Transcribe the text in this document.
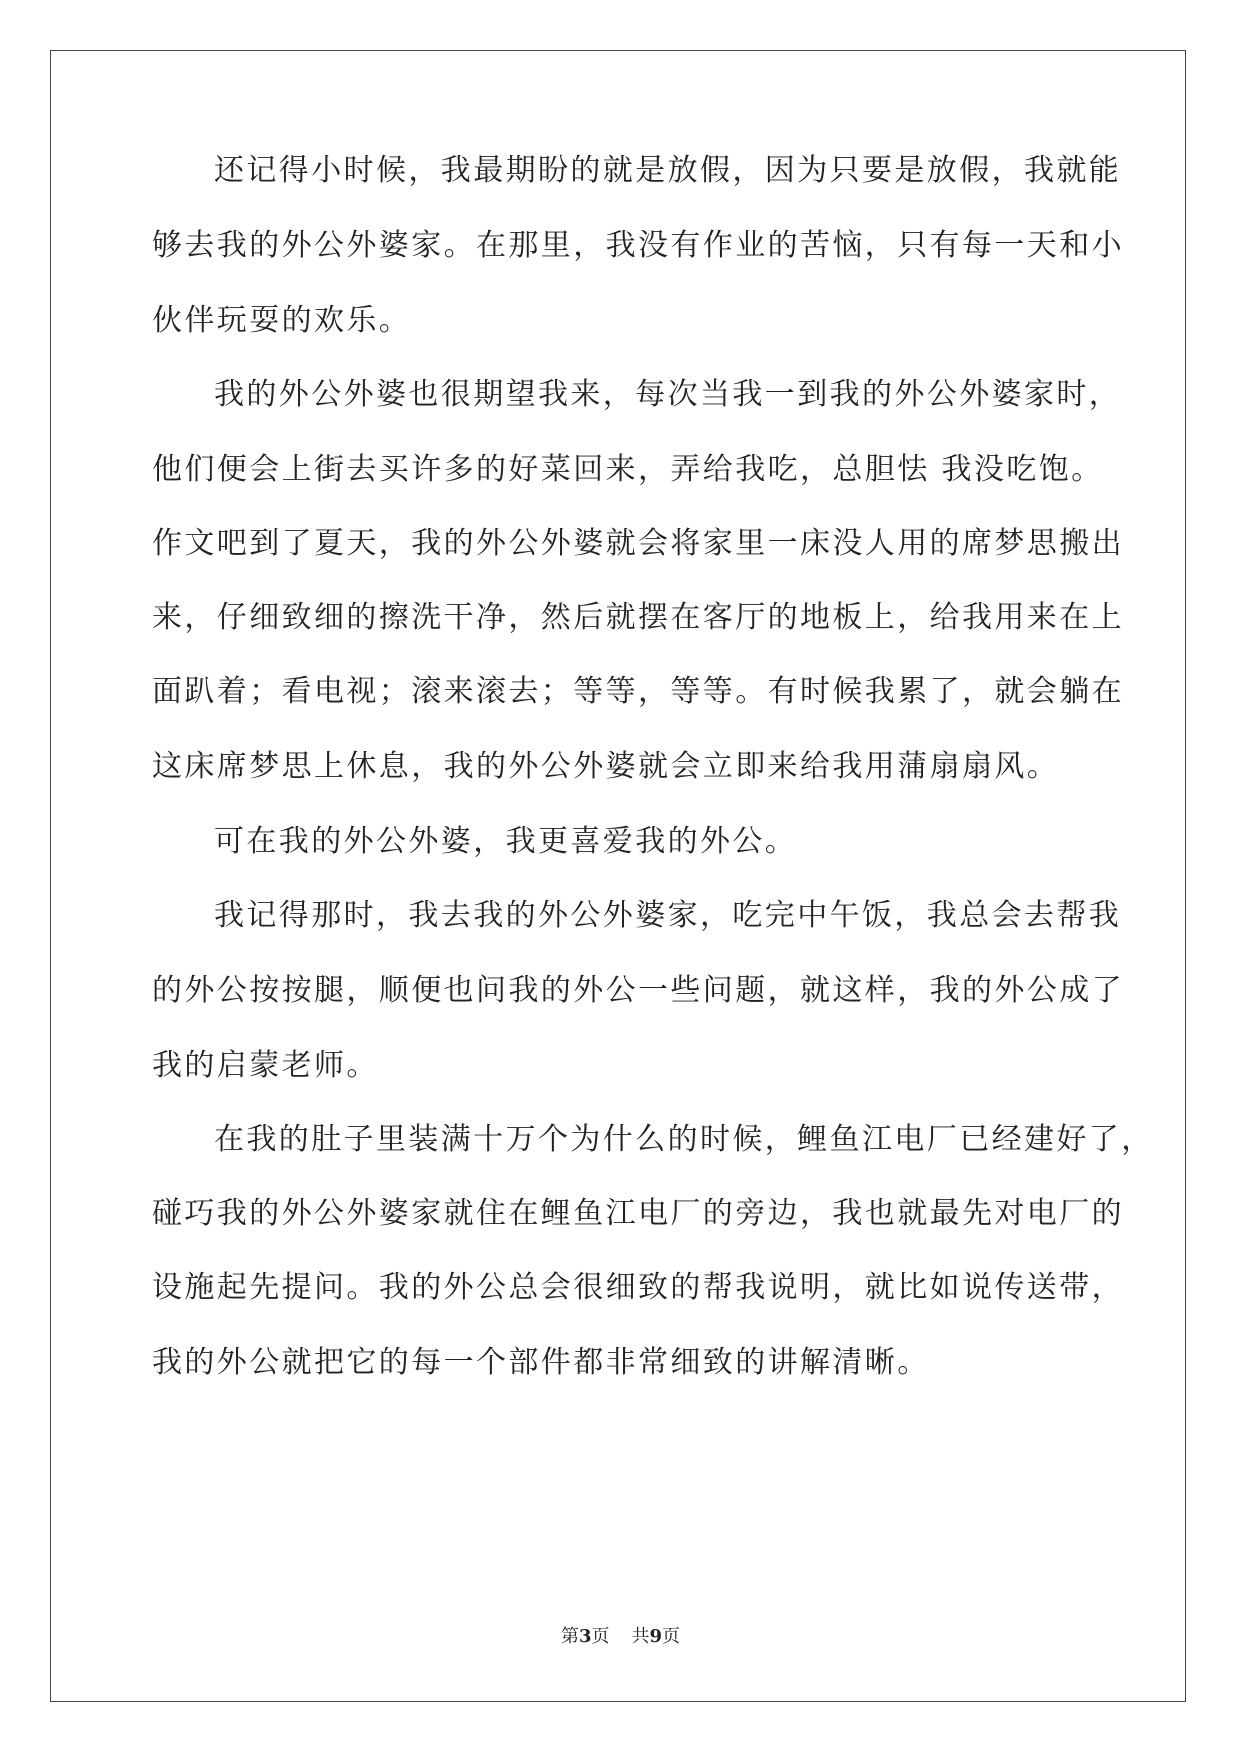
还记得小时候，我最期盼的就是放假，因为只要是放假，我就能
够去我的外公外婆家。在那里，我没有作业的苦恼，只有每一天和小
伙伴玩耍的欢乐。
我的外公外婆也很期望我来，每次当我一到我的外公外婆家时，
他们便会上街去买许多的好菜回来，弄给我吃，总胆怯 我没吃饱。
作文吧到了夏天，我的外公外婆就会将家里一床没人用的席梦思搬出
来，仔细致细的擦洗干净，然后就摆在客厅的地板上，给我用来在上
面趴着；看电视；滚来滚去；等等，等等。有时候我累了，就会躺在
这床席梦思上休息，我的外公外婆就会立即来给我用蒲扇扇风。
可在我的外公外婆，我更喜爱我的外公。
我记得那时，我去我的外公外婆家，吃完中午饭，我总会去帮我
的外公按按腿，顺便也问我的外公一些问题，就这样，我的外公成了
我的启蒙老师。
在我的肚子里装满十万个为什么的时候，鲤鱼江电厂已经建好了，
碰巧我的外公外婆家就住在鲤鱼江电厂的旁边，我也就最先对电厂的
设施起先提问。我的外公总会很细致的帮我说明，就比如说传送带，
我的外公就把它的每一个部件都非常细致的讲解清晰。
第3页 共9页
